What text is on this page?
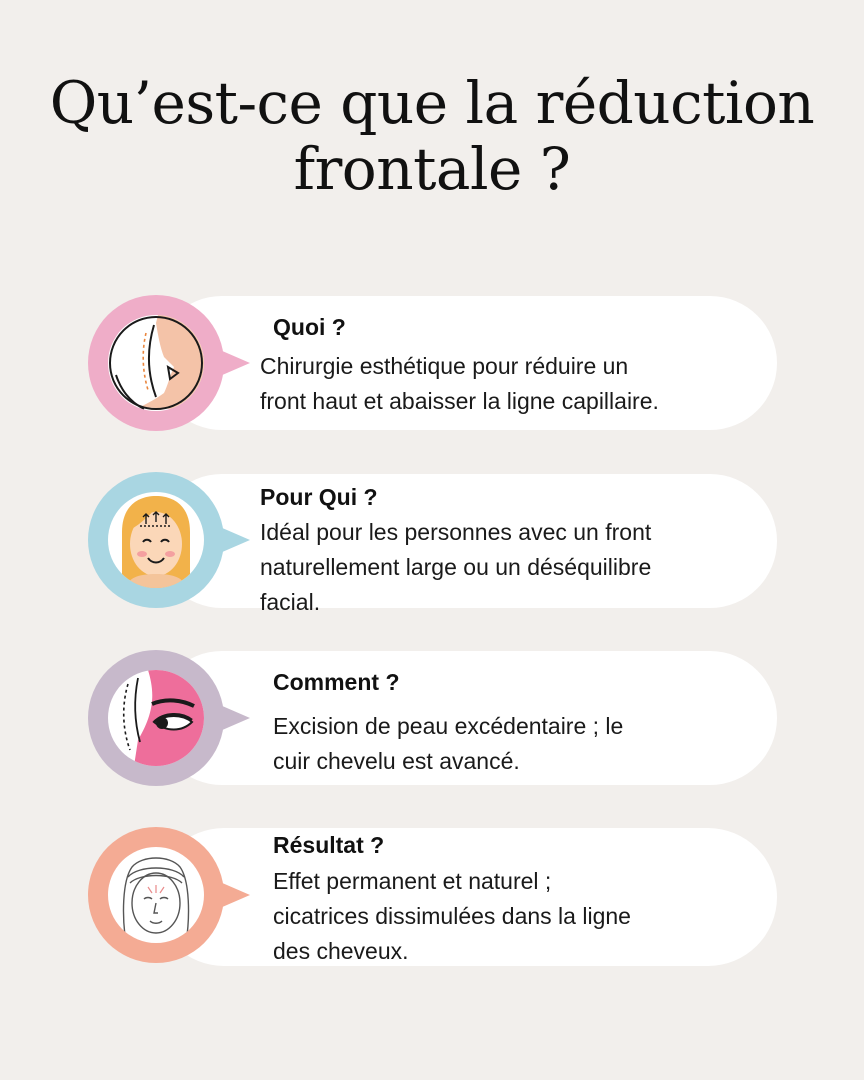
Qu’est-ce que la réduction
frontale ?
Quoi ?

Chirurgie esthétique pour réduire un
front haut et abaisser la ligne capillaire.

Pour Qui ?

Idéal pour les personnes avec un front
naturellement large ou un déséquilibre
facial.

Comment ?

Excision de peau excédentaire ; le
cuir chevelu est avancé.

Résultat ?

Effet permanent et naturel ;
cicatrices dissimulées dans la ligne
des cheveux.
